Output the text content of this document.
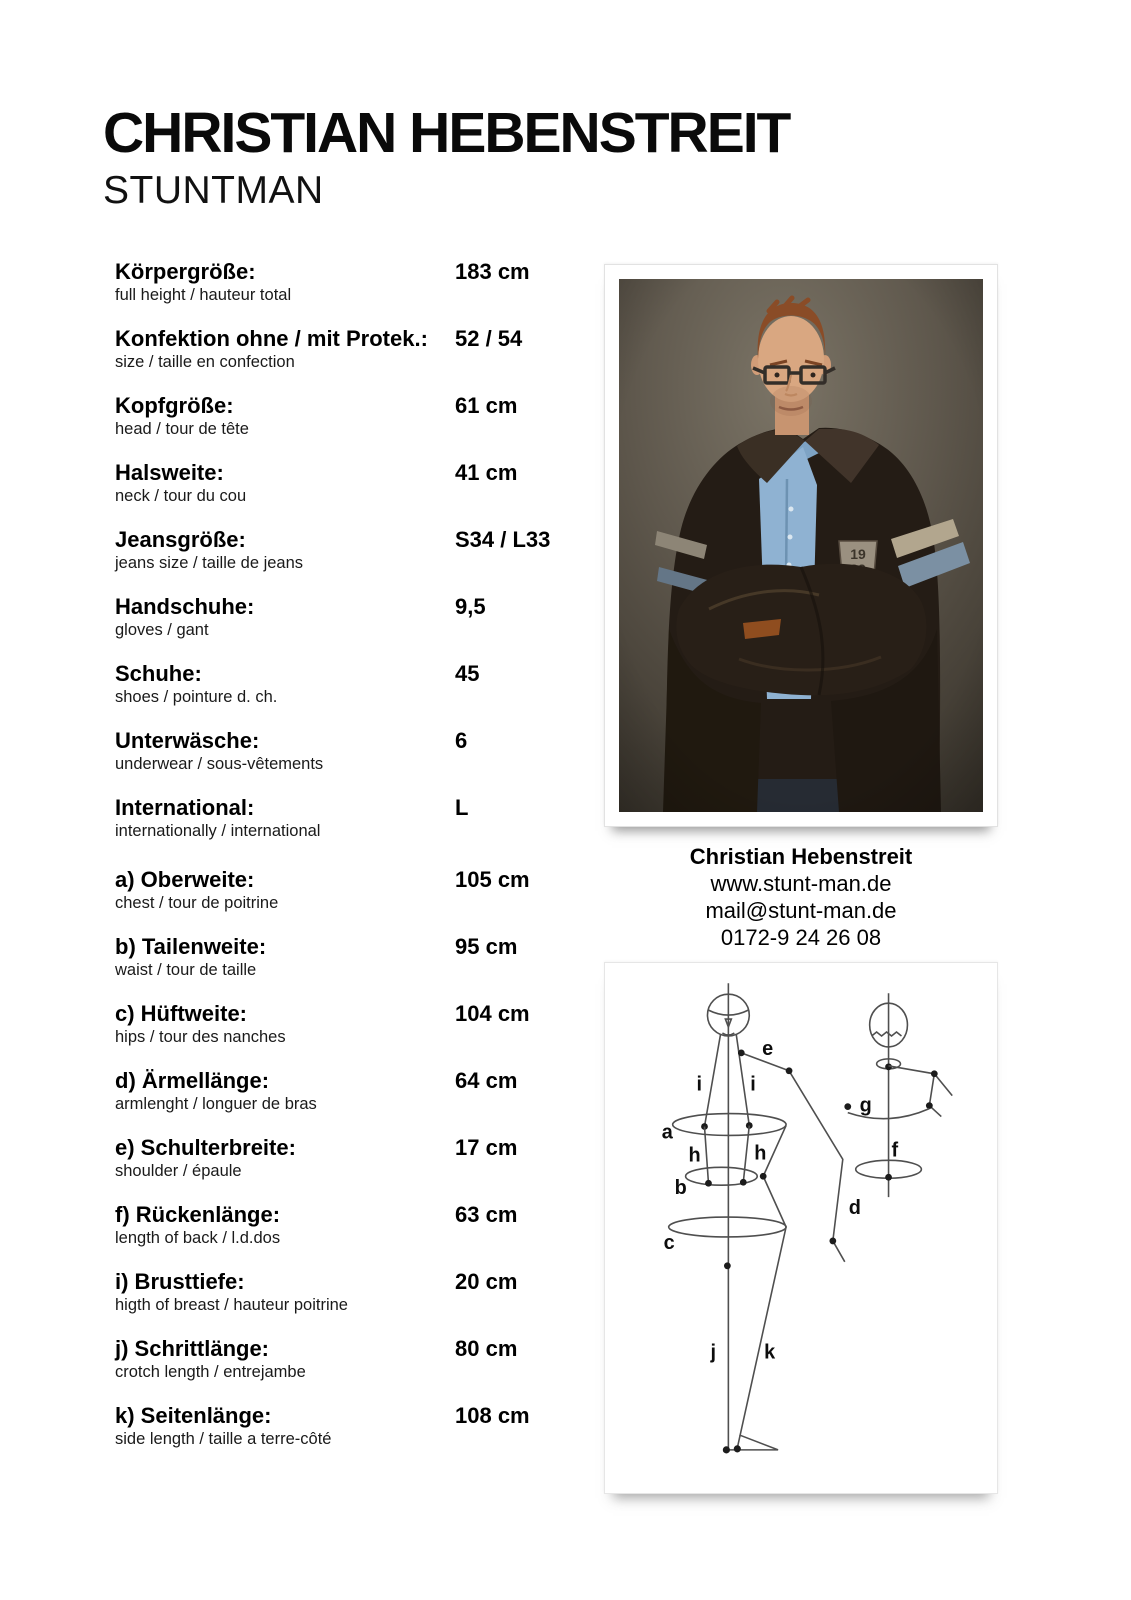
CHRISTIAN HEBENSTREIT
STUNTMAN
Körpergröße:	183 cm
full height / hauteur total
Konfektion ohne / mit Protek.:	52 / 54
size / taille en confection
Kopfgröße:	61 cm
head / tour de tête
Halsweite:	41 cm
neck / tour du cou
Jeansgröße:	S34 / L33
jeans size / taille de jeans
Handschuhe:	9,5
gloves / gant
Schuhe:	45
shoes / pointure d. ch.
Unterwäsche:	6
underwear / sous-vêtements
International:	L
internationally / international
a) Oberweite:	105 cm
chest / tour de poitrine
b) Tailenweite:	95 cm
waist / tour de taille
c) Hüftweite:	104 cm
hips / tour des nanches
d) Ärmellänge:	64 cm
armlenght / longuer de bras
e) Schulterbreite:	17 cm
shoulder / épaule
f) Rückenlänge:	63 cm
length of back / l.d.dos
i) Brusttiefe:	20 cm
higth of breast / hauteur poitrine
j) Schrittlänge:	80 cm
crotch length / entrejambe
k) Seitenlänge:	108 cm
side length / taille a terre-côté
Christian Hebenstreit
www.stunt-man.de
mail@stunt-man.de
0172-9 24 26 08
a
b
c
d
e
f
g
h	h
i i
j k
